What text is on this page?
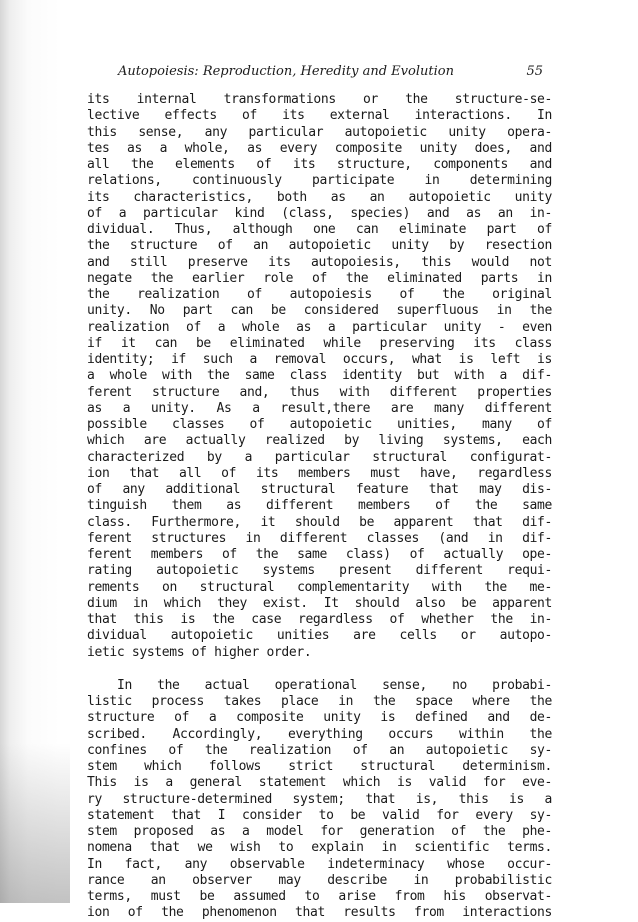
Autopoiesis: Reproduction, Heredity and Evolution	55
its internal transformations or the structure-se-
lective effects of its external interactions. In
this sense, any particular autopoietic unity opera-
tes as a whole, as every composite unity does, and
all the elements of its structure, components and
relations, continuously participate in determining
its characteristics, both as an autopoietic unity
of a particular kind (class, species) and as an in-
dividual. Thus, although one can eliminate part of
the structure of an autopoietic unity by resection
and still preserve its autopoiesis, this would not
negate the earlier role of the eliminated parts in
the realization of autopoiesis of the original
unity. No part can be considered superfluous in the
realization of a whole as a particular unity - even
if it can be eliminated while preserving its class
identity; if such a removal occurs, what is left is
a whole with the same class identity but with a dif-
ferent structure and, thus with different properties
as a unity. As a result,there are many different
possible classes of autopoietic unities, many of
which are actually realized by living systems, each
characterized by a particular structural configurat-
ion that all of its members must have, regardless
of any additional structural feature that may dis-
tinguish them as different members of the same
class. Furthermore, it should be apparent that dif-
ferent structures in different classes (and in dif-
ferent members of the same class) of actually ope-
rating autopoietic systems present different requi-
rements on structural complementarity with the me-
dium in which they exist. It should also be apparent
that this is the case regardless of whether the in-
dividual autopoietic unities are cells or autopo-
ietic systems of higher order.
In the actual operational sense, no probabi-
listic process takes place in the space where the
structure of a composite unity is defined and de-
scribed. Accordingly, everything occurs within the
confines of the realization of an autopoietic sy-
stem which follows strict structural determinism.
This is a general statement which is valid for eve-
ry structure-determined system; that is, this is a
statement that I consider to be valid for every sy-
stem proposed as a model for generation of the phe-
nomena that we wish to explain in scientific terms.
In fact, any observable indeterminacy whose occur-
rance an observer may describe in probabilistic
terms, must be assumed to arise from his observat-
ion of the phenomenon that results from interactions
